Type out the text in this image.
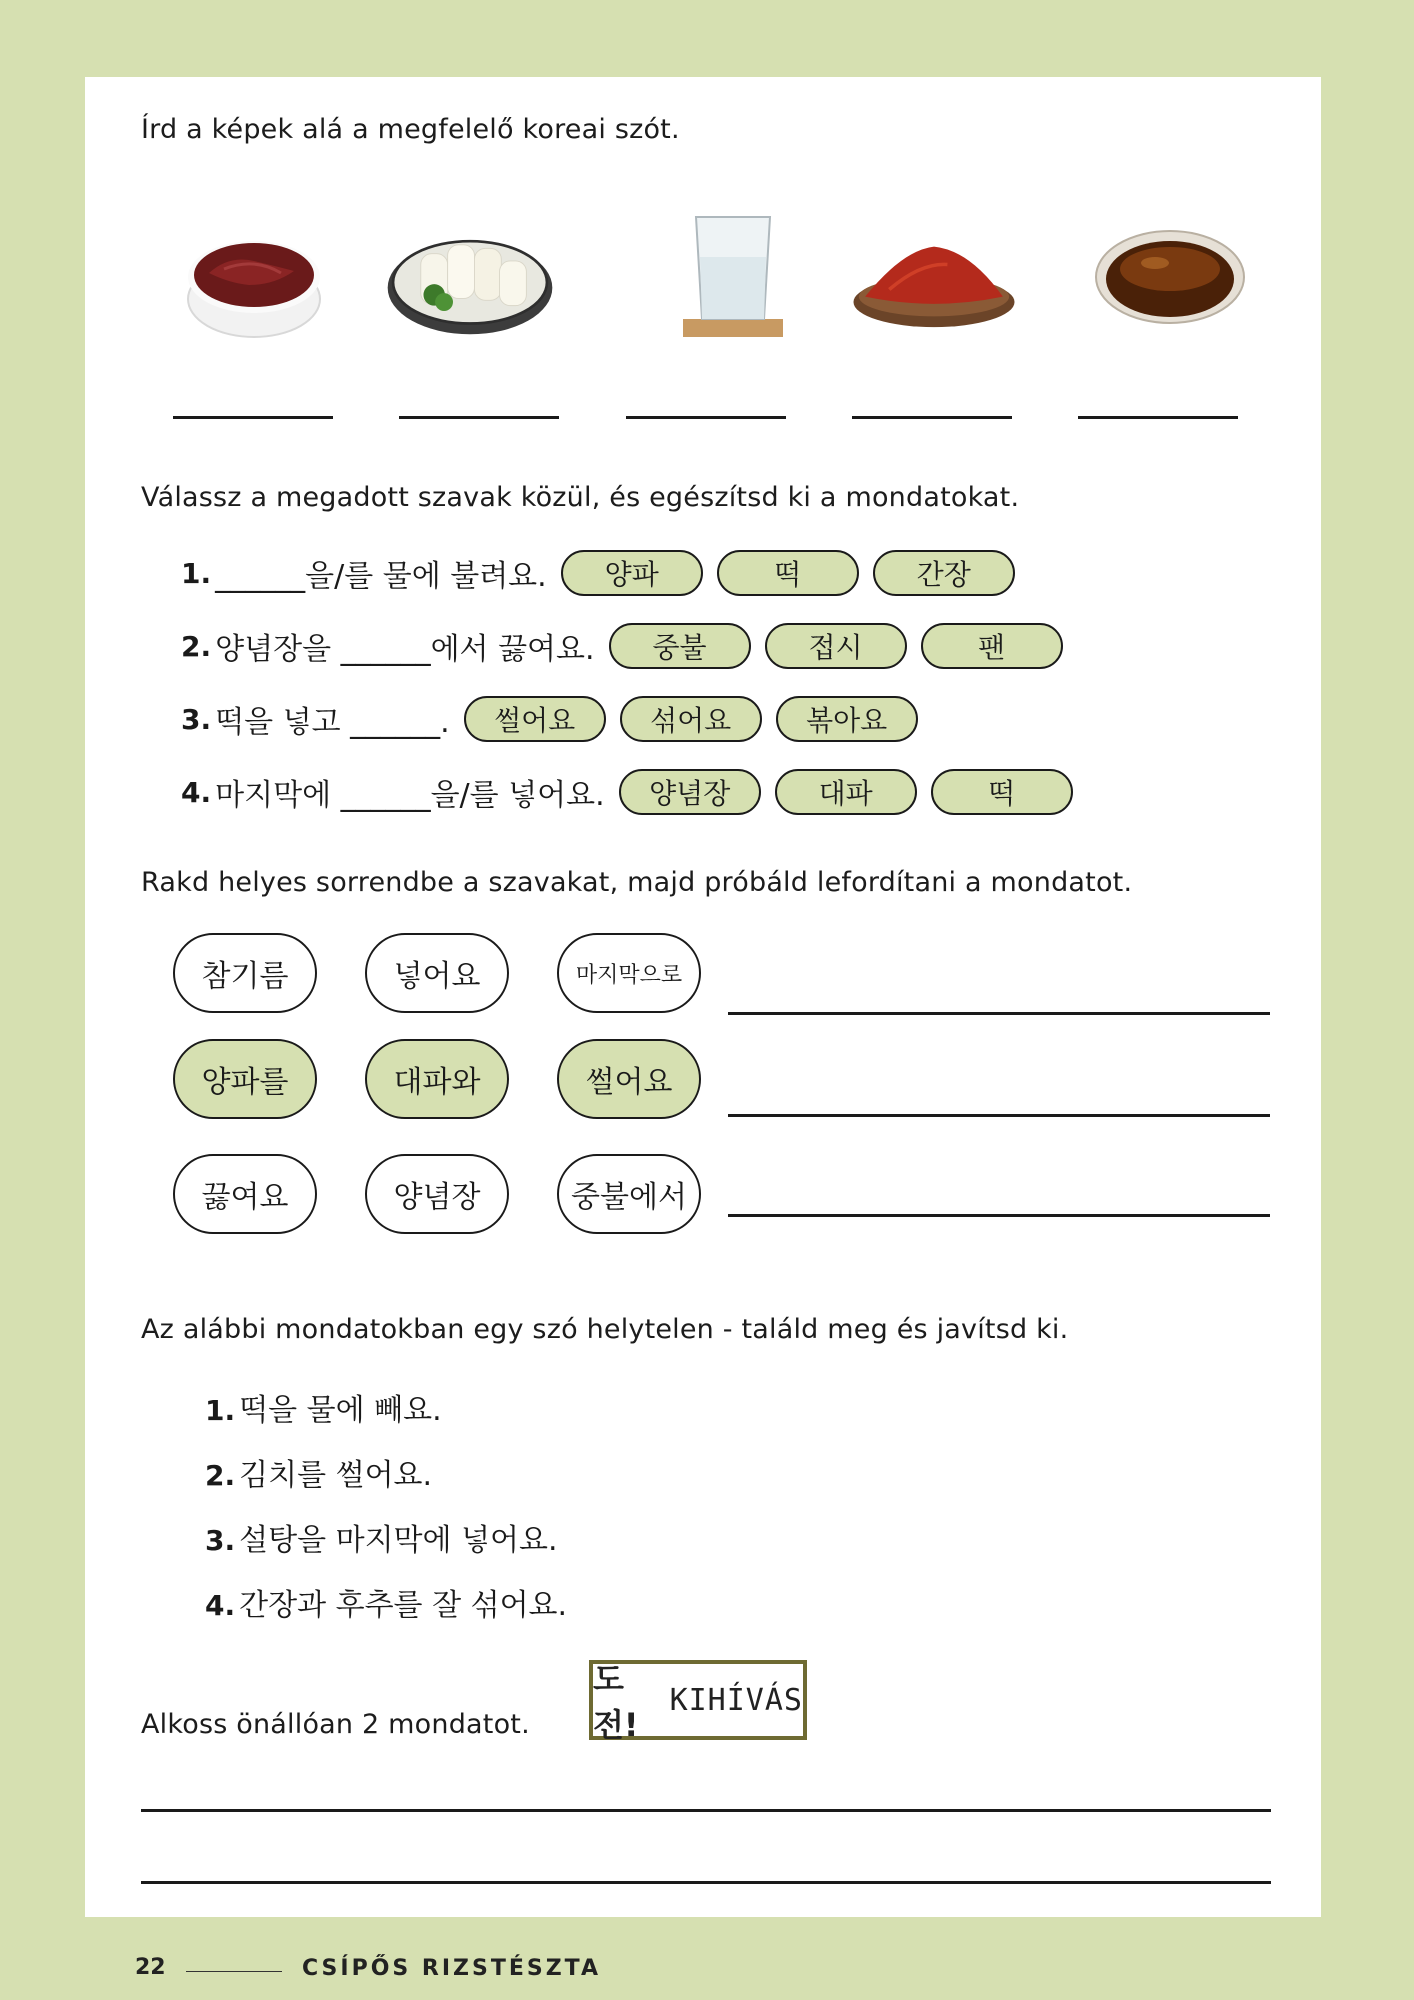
Írd a képek alá a megfelelő koreai szót.
Válassz a megadott szavak közül, és egészítsd ki a mondatokat.
1. ______을/를 물에 불려요.	양파	떡	간장
2. 양념장을 ______에서 끓여요.	중불	접시	팬
3. 떡을 넣고 ______.	썰어요	섞어요	볶아요
4. 마지막에 ______을/를 넣어요.	양념장	대파	떡
Rakd helyes sorrendbe a szavakat, majd próbáld lefordítani a mondatot.
참기름	넣어요	마지막으로
양파를	대파와	썰어요
끓여요	양념장	중불에서
Az alábbi mondatokban egy szó helytelen - találd meg és javítsd ki.
1. 떡을 물에 빼요.
2. 김치를 썰어요.
3. 설탕을 마지막에 넣어요.
4. 간장과 후추를 잘 섞어요.
Alkoss önállóan 2 mondatot.
도전!
KIHÍVÁS
22	CSÍPŐS RIZSTÉSZTA
